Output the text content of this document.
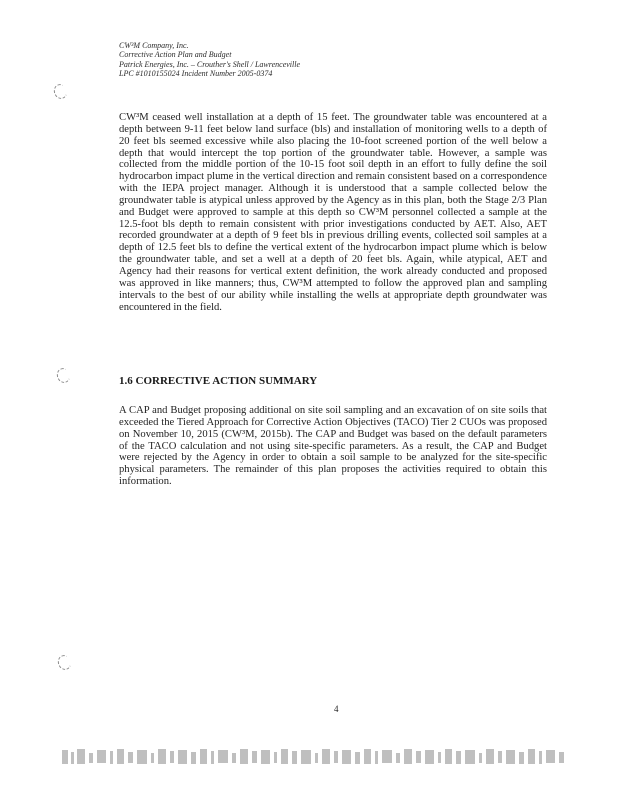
CW³M Company, Inc.
Corrective Action Plan and Budget
Patrick Energies, Inc. – Crouther's Shell / Lawrenceville
LPC #1010155024 Incident Number 2005-0374

CW³M ceased well installation at a depth of 15 feet. The groundwater table was encountered at a depth between 9-11 feet below land surface (bls) and installation of monitoring wells to a depth of 20 feet bls seemed excessive while also placing the 10-foot screened portion of the well below a depth that would intercept the top portion of the groundwater table. However, a sample was collected from the middle portion of the 10-15 foot soil depth in an effort to fully define the soil hydrocarbon impact plume in the vertical direction and remain consistent based on a correspondence with the IEPA project manager. Although it is understood that a sample collected below the groundwater table is atypical unless approved by the Agency as in this plan, both the Stage 2/3 Plan and Budget were approved to sample at this depth so CW³M personnel collected a sample at the 12.5-foot bls depth to remain consistent with prior investigations conducted by AET. Also, AET recorded groundwater at a depth of 9 feet bls in previous drilling events, collected soil samples at a depth of 12.5 feet bls to define the vertical extent of the hydrocarbon impact plume which is below the groundwater table, and set a well at a depth of 20 feet bls. Again, while atypical, AET and Agency had their reasons for vertical extent definition, the work already conducted and proposed was approved in like manners; thus, CW³M attempted to follow the approved plan and sampling intervals to the best of our ability while installing the wells at appropriate depth groundwater was encountered in the field.

1.6 CORRECTIVE ACTION SUMMARY

A CAP and Budget proposing additional on site soil sampling and an excavation of on site soils that exceeded the Tiered Approach for Corrective Action Objectives (TACO) Tier 2 CUOs was proposed on November 10, 2015 (CW³M, 2015b). The CAP and Budget was based on the default parameters of the TACO calculation and not using site-specific parameters. As a result, the CAP and Budget were rejected by the Agency in order to obtain a soil sample to be analyzed for the site-specific physical parameters. The remainder of this plan proposes the activities required to obtain this information.

4
